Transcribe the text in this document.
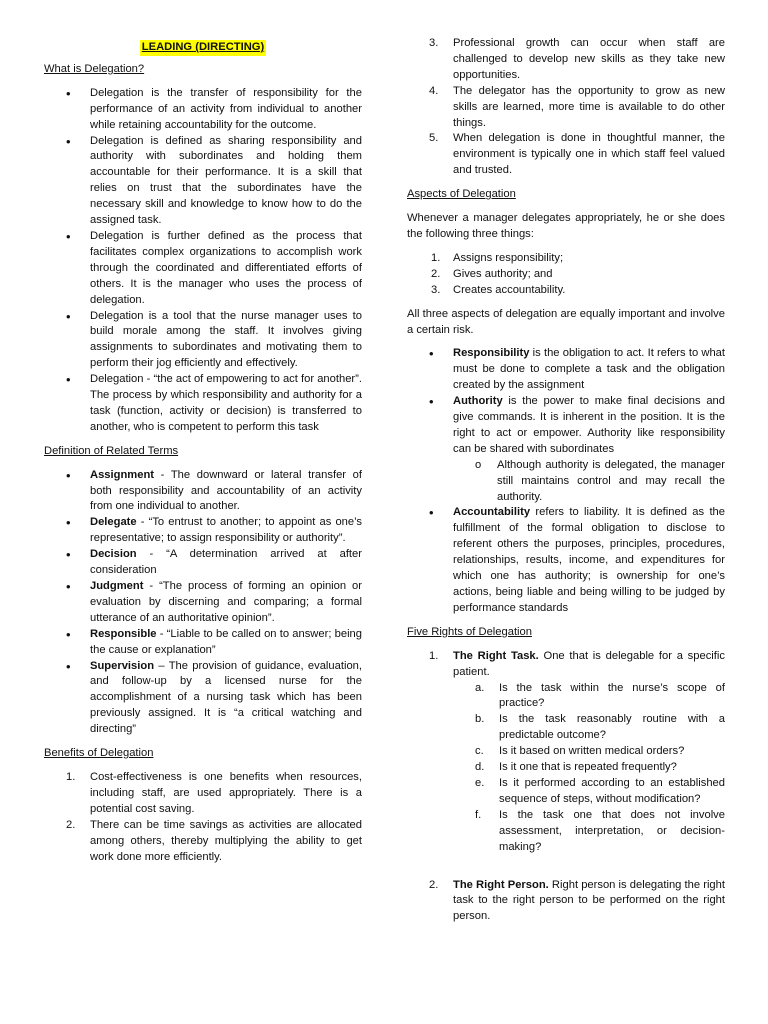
LEADING (DIRECTING)
What is Delegation?
• Delegation is the transfer of responsibility for the performance of an activity from individual to another while retaining accountability for the outcome.
• Delegation is defined as sharing responsibility and authority with subordinates and holding them accountable for their performance. It is a skill that relies on trust that the subordinates have the necessary skill and knowledge to know how to do the assigned task.
• Delegation is further defined as the process that facilitates complex organizations to accomplish work through the coordinated and differentiated efforts of others. It is the manager who uses the process of delegation.
• Delegation is a tool that the nurse manager uses to build morale among the staff. It involves giving assignments to subordinates and motivating them to perform their jog efficiently and effectively.
• Delegation - “the act of empowering to act for another”. The process by which responsibility and authority for a task (function, activity or decision) is transferred to another, who is competent to perform this task
Definition of Related Terms
• Assignment - The downward or lateral transfer of both responsibility and accountability of an activity from one individual to another.
• Delegate - “To entrust to another; to appoint as one’s representative; to assign responsibility or authority”.
• Decision - “A determination arrived at after consideration
• Judgment - “The process of forming an opinion or evaluation by discerning and comparing; a formal utterance of an authoritative opinion”.
• Responsible - “Liable to be called on to answer; being the cause or explanation”
• Supervision – The provision of guidance, evaluation, and follow-up by a licensed nurse for the accomplishment of a nursing task which has been previously assigned. It is “a critical watching and directing”
Benefits of Delegation
1. Cost-effectiveness is one benefits when resources, including staff, are used appropriately. There is a potential cost saving.
2. There can be time savings as activities are allocated among others, thereby multiplying the ability to get work done more efficiently.
3. Professional growth can occur when staff are challenged to develop new skills as they take new opportunities.
4. The delegator has the opportunity to grow as new skills are learned, more time is available to do other things.
5. When delegation is done in thoughtful manner, the environment is typically one in which staff feel valued and trusted.
Aspects of Delegation

Whenever a manager delegates appropriately, he or she does the following three things:

1. Assigns responsibility;
2. Gives authority; and
3. Creates accountability.

All three aspects of delegation are equally important and involve a certain risk.

• Responsibility is the obligation to act. It refers to what must be done to complete a task and the obligation created by the assignment
• Authority is the power to make final decisions and give commands. It is inherent in the position. It is the right to act or empower. Authority like responsibility can be shared with subordinates
o Although authority is delegated, the manager still maintains control and may recall the authority.
• Accountability refers to liability. It is defined as the fulfillment of the formal obligation to disclose to referent others the purposes, principles, procedures, relationships, results, income, and expenditures for which one has authority; is ownership for one’s actions, being liable and being willing to be judged by performance standards
Five Rights of Delegation
1. The Right Task. One that is delegable for a specific patient.
a. Is the task within the nurse’s scope of practice?
b. Is the task reasonably routine with a predictable outcome?
c. Is it based on written medical orders?
d. Is it one that is repeated frequently?
e. Is it performed according to an established sequence of steps, without modification?
f. Is the task one that does not involve assessment, interpretation, or decision-making?
2. The Right Person. Right person is delegating the right task to the right person to be performed on the right person.
